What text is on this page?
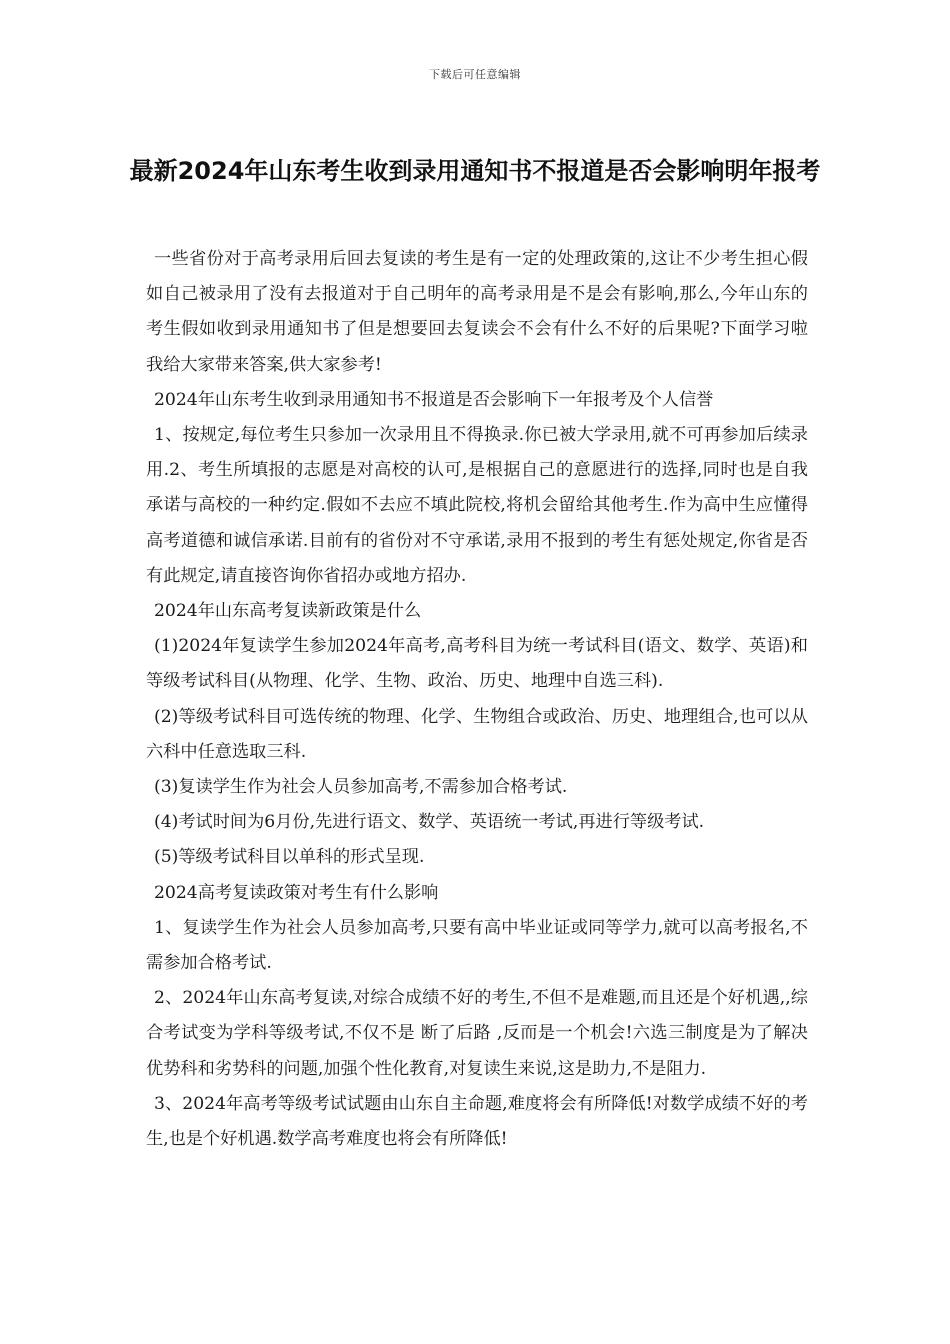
下载后可任意编辑
最新2024年山东考生收到录用通知书不报道是否会影响明年报考

一些省份对于高考录用后回去复读的考生是有一定的处理政策的,这让不少考生担心假如自己被录用了没有去报道对于自己明年的高考录用是不是会有影响,那么,今年山东的考生假如收到录用通知书了但是想要回去复读会不会有什么不好的后果呢?下面学习啦我给大家带来答案,供大家参考!

2024年山东考生收到录用通知书不报道是否会影响下一年报考及个人信誉

1、按规定,每位考生只参加一次录用且不得换录.你已被大学录用,就不可再参加后续录用.2、考生所填报的志愿是对高校的认可,是根据自己的意愿进行的选择,同时也是自我承诺与高校的一种约定.假如不去应不填此院校,将机会留给其他考生.作为高中生应懂得高考道德和诚信承诺.目前有的省份对不守承诺,录用不报到的考生有惩处规定,你省是否有此规定,请直接咨询你省招办或地方招办.

2024年山东高考复读新政策是什么

(1)2024年复读学生参加2024年高考,高考科目为统一考试科目(语文、数学、英语)和等级考试科目(从物理、化学、生物、政治、历史、地理中自选三科).

(2)等级考试科目可选传统的物理、化学、生物组合或政治、历史、地理组合,也可以从六科中任意选取三科.

(3)复读学生作为社会人员参加高考,不需参加合格考试.

(4)考试时间为6月份,先进行语文、数学、英语统一考试,再进行等级考试.

(5)等级考试科目以单科的形式呈现.

2024高考复读政策对考生有什么影响

1、复读学生作为社会人员参加高考,只要有高中毕业证或同等学力,就可以高考报名,不需参加合格考试.

2、2024年山东高考复读,对综合成绩不好的考生,不但不是难题,而且还是个好机遇,,综合考试变为学科等级考试,不仅不是 断了后路 ,反而是一个机会!六选三制度是为了解决优势科和劣势科的问题,加强个性化教育,对复读生来说,这是助力,不是阻力.

3、2024年高考等级考试试题由山东自主命题,难度将会有所降低!对数学成绩不好的考生,也是个好机遇.数学高考难度也将会有所降低!
